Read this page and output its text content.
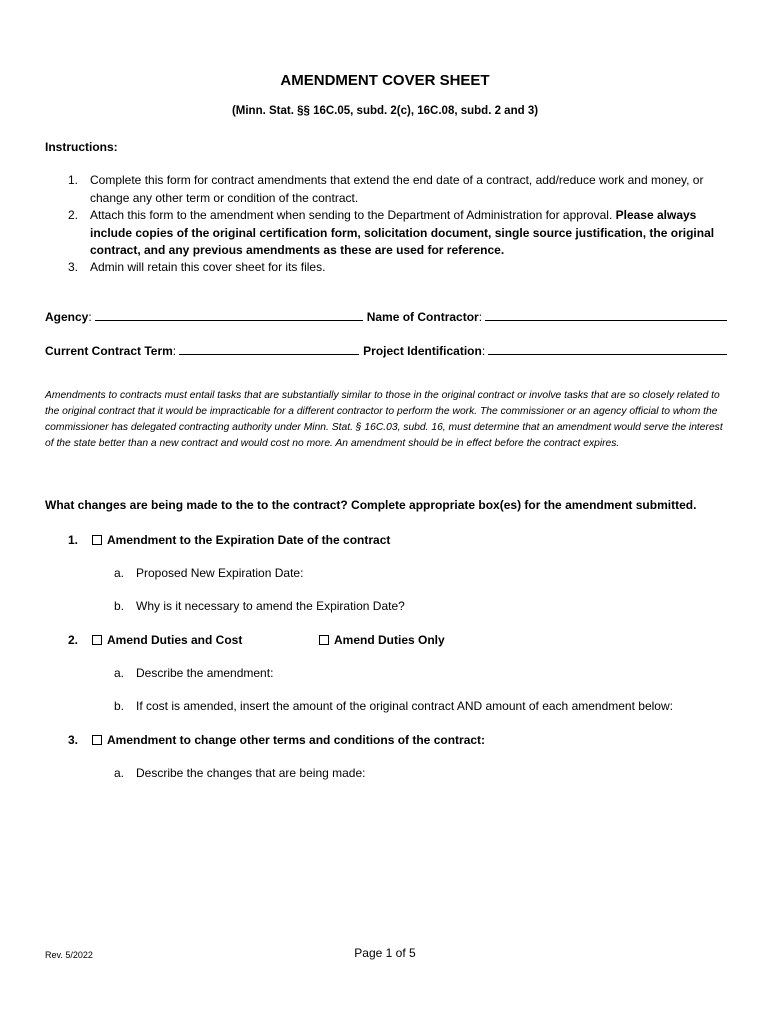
AMENDMENT COVER SHEET
(Minn. Stat. §§ 16C.05, subd. 2(c), 16C.08, subd. 2 and 3)
Instructions:
1. Complete this form for contract amendments that extend the end date of a contract, add/reduce work and money, or change any other term or condition of the contract.
2. Attach this form to the amendment when sending to the Department of Administration for approval. Please always include copies of the original certification form, solicitation document, single source justification, the original contract, and any previous amendments as these are used for reference.
3. Admin will retain this cover sheet for its files.
Agency :	Name of Contractor :
Current Contract Term :	Project Identification :
Amendments to contracts must entail tasks that are substantially similar to those in the original contract or involve tasks that are so closely related to the original contract that it would be impracticable for a different contractor to perform the work. The commissioner or an agency official to whom the commissioner has delegated contracting authority under Minn. Stat. § 16C.03, subd. 16, must determine that an amendment would serve the interest of the state better than a new contract and would cost no more. An amendment should be in effect before the contract expires.
What changes are being made to the to the contract? Complete appropriate box(es) for the amendment submitted.
1.	Amendment to the Expiration Date of the contract
a. Proposed New Expiration Date:
b. Why is it necessary to amend the Expiration Date?
2.	Amend Duties and Cost	Amend Duties Only
a. Describe the amendment:
b. If cost is amended, insert the amount of the original contract AND amount of each amendment below:
3.	Amendment to change other terms and conditions of the contract:
a. Describe the changes that are being made:
Rev. 5/2022	Page 1 of 5
